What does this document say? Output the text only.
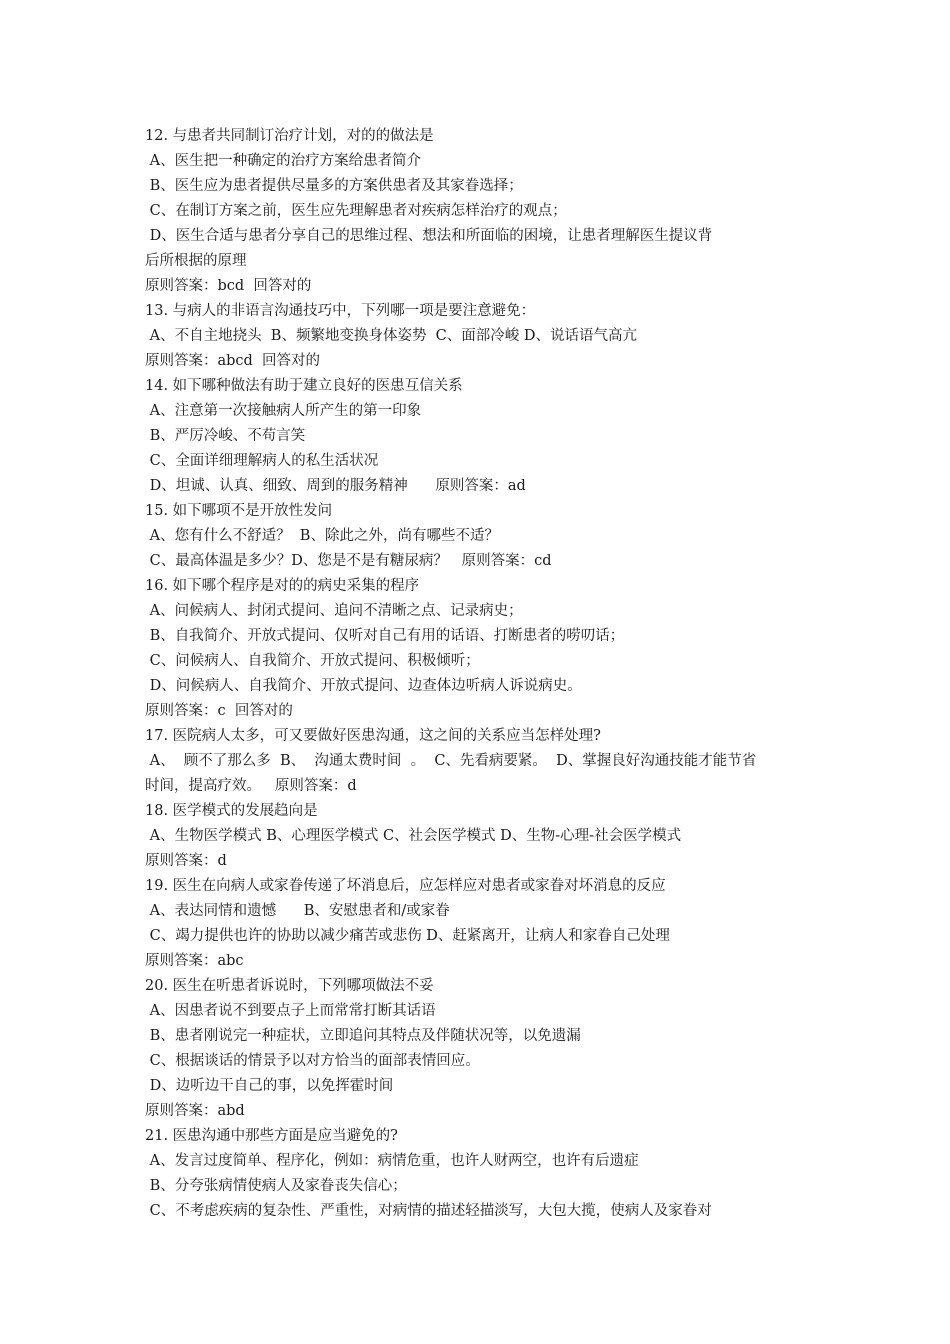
12. 与患者共同制订治疗计划，对的的做法是
A、医生把一种确定的治疗方案给患者简介
B、医生应为患者提供尽量多的方案供患者及其家眷选择；
C、在制订方案之前，医生应先理解患者对疾病怎样治疗的观点；
D、医生合适与患者分享自己的思维过程、想法和所面临的困境，让患者理解医生提议背
后所根据的原理
原则答案：bcd  回答对的
13. 与病人的非语言沟通技巧中，下列哪一项是要注意避免：
A、不自主地挠头  B、频繁地变换身体姿势  C、面部冷峻 D、说话语气高亢
原则答案：abcd  回答对的
14. 如下哪种做法有助于建立良好的医患互信关系
A、注意第一次接触病人所产生的第一印象
B、严厉冷峻、不苟言笑
C、全面详细理解病人的私生活状况
D、坦诚、认真、细致、周到的服务精神      原则答案：ad
15. 如下哪项不是开放性发问
A、您有什么不舒适？  B、除此之外，尚有哪些不适？
C、最高体温是多少？D、您是不是有糖尿病？   原则答案：cd
16. 如下哪个程序是对的的病史采集的程序
A、问候病人、封闭式提问、追问不清晰之点、记录病史；
B、自我简介、开放式提问、仅听对自己有用的话语、打断患者的唠叨话；
C、问候病人、自我简介、开放式提问、积极倾听；
D、问候病人、自我简介、开放式提问、边查体边听病人诉说病史。
原则答案：c  回答对的
17. 医院病人太多，可又要做好医患沟通，这之间的关系应当怎样处理?
A、  顾不了那么多  B、  沟通太费时间  。  C、先看病要紧。  D、掌握良好沟通技能才能节省
时间，提高疗效。   原则答案：d
18. 医学模式的发展趋向是
A、生物医学模式 B、心理医学模式 C、社会医学模式 D、生物-心理-社会医学模式
原则答案：d
19. 医生在向病人或家眷传递了坏消息后，应怎样应对患者或家眷对坏消息的反应
A、表达同情和遗憾      B、安慰患者和/或家眷
C、竭力提供也许的协助以减少痛苦或悲伤 D、赶紧离开，让病人和家眷自己处理
原则答案：abc
20. 医生在听患者诉说时，下列哪项做法不妥
A、因患者说不到要点子上而常常打断其话语
B、患者刚说完一种症状，立即追问其特点及伴随状况等，以免遗漏
C、根据谈话的情景予以对方恰当的面部表情回应。
D、边听边干自己的事，以免挥霍时间
原则答案：abd
21. 医患沟通中那些方面是应当避免的?
A、发言过度简单、程序化，例如：病情危重，也许人财两空，也许有后遗症
B、分夸张病情使病人及家眷丧失信心；
C、不考虑疾病的复杂性、严重性，对病情的描述轻描淡写，大包大揽，使病人及家眷对
